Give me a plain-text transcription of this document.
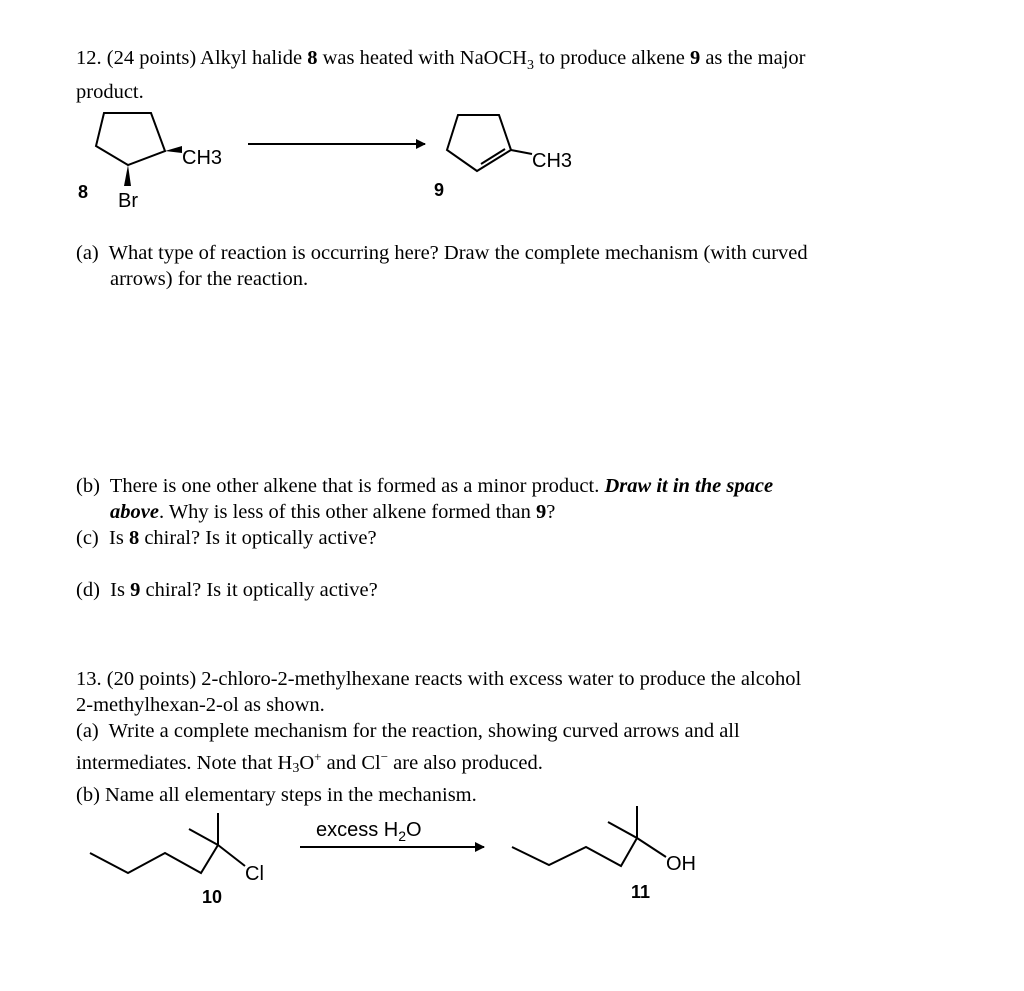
12. (24 points) Alkyl halide 8 was heated with NaOCH$_3$ to produce alkene 9 as the major
product.
CH3
Br
8
CH3
9
(a) What type of reaction is occurring here? Draw the complete mechanism (with curved
arrows) for the reaction.
(b) There is one other alkene that is formed as a minor product. Draw it in the space
above. Why is less of this other alkene formed than 9?
(c) Is 8 chiral? Is it optically active?
(d) Is 9 chiral? Is it optically active?
13. (20 points) 2-chloro-2-methylhexane reacts with excess water to produce the alcohol
2-methylhexan-2-ol as shown.
(a) Write a complete mechanism for the reaction, showing curved arrows and all
intermediates. Note that H3O+ and Cl− are also produced.
(b) Name all elementary steps in the mechanism.
Cl
10
excess $H_2O$
OH
11
